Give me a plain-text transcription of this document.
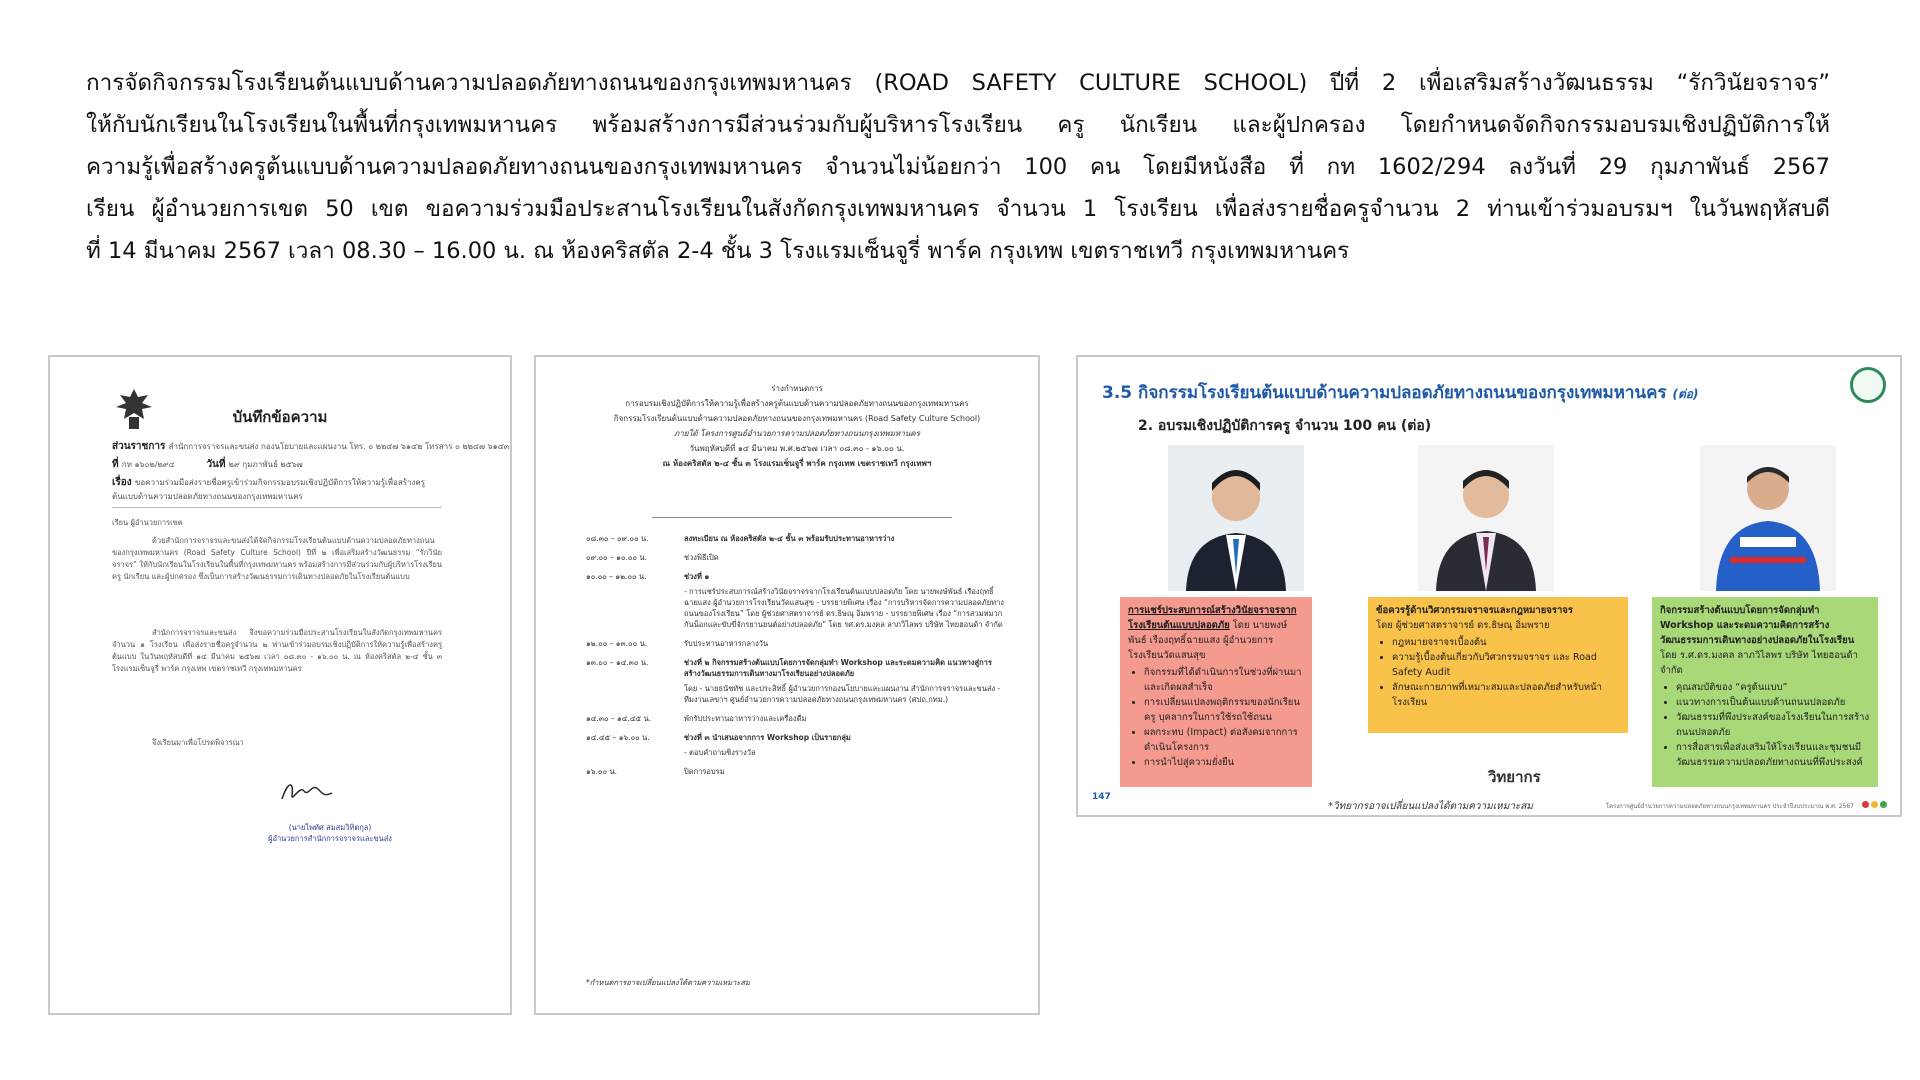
การจัดกิจกรรมโรงเรียนต้นแบบด้านความปลอดภัยทางถนนของกรุงเทพมหานคร (ROAD SAFETY CULTURE SCHOOL) ปีที่ 2 เพื่อเสริมสร้างวัฒนธรรม “รักวินัยจราจร”
ให้กับนักเรียนในโรงเรียนในพื้นที่กรุงเทพมหานคร พร้อมสร้างการมีส่วนร่วมกับผู้บริหารโรงเรียน ครู นักเรียน และผู้ปกครอง โดยกำหนดจัดกิจกรรมอบรมเชิงปฏิบัติการให้
ความรู้เพื่อสร้างครูต้นแบบด้านความปลอดภัยทางถนนของกรุงเทพมหานคร จำนวนไม่น้อยกว่า 100 คน โดยมีหนังสือ ที่ กท 1602/294 ลงวันที่ 29 กุมภาพันธ์ 2567
เรียน ผู้อำนวยการเขต 50 เขต ขอความร่วมมือประสานโรงเรียนในสังกัดกรุงเทพมหานคร จำนวน 1 โรงเรียน เพื่อส่งรายชื่อครูจำนวน 2 ท่านเข้าร่วมอบรมฯ ในวันพฤหัสบดี
ที่ 14 มีนาคม 2567 เวลา 08.30 – 16.00 น. ณ ห้องคริสตัล 2-4 ชั้น 3 โรงแรมเซ็นจูรี่ พาร์ค กรุงเทพ เขตราชเทวี กรุงเทพมหานคร
บันทึกข้อความ
ส่วนราชการ สำนักการจราจรและขนส่ง กองนโยบายและแผนงาน โทร. ๐ ๒๒๔๗ ๖๑๔๒ โทรสาร ๐ ๒๒๔๗ ๖๑๔๓
ที่ กท ๑๖๐๒/๒๙๔	วันที่ ๒๙ กุมภาพันธ์ ๒๕๖๗
เรื่อง ขอความร่วมมือส่งรายชื่อครูเข้าร่วมกิจกรรมอบรมเชิงปฏิบัติการให้ความรู้เพื่อสร้างครูต้นแบบด้านความปลอดภัยทางถนนของกรุงเทพมหานคร
เรียน ผู้อำนวยการเขต
ด้วยสำนักการจราจรและขนส่งได้จัดกิจกรรมโรงเรียนต้นแบบด้านความปลอดภัยทางถนนของกรุงเทพมหานคร (Road Safety Culture School) ปีที่ ๒ เพื่อเสริมสร้างวัฒนธรรม “รักวินัยจราจร” ให้กับนักเรียนในโรงเรียนในพื้นที่กรุงเทพมหานคร พร้อมสร้างการมีส่วนร่วมกับผู้บริหารโรงเรียน ครู นักเรียน และผู้ปกครอง ซึ่งเป็นการสร้างวัฒนธรรมการเดินทางปลอดภัยในโรงเรียนต้นแบบ
สำนักการจราจรและขนส่ง จึงขอความร่วมมือประสานโรงเรียนในสังกัดกรุงเทพมหานคร จำนวน ๑ โรงเรียน เพื่อส่งรายชื่อครูจำนวน ๒ ท่านเข้าร่วมอบรมเชิงปฏิบัติการให้ความรู้เพื่อสร้างครูต้นแบบ ในวันพฤหัสบดีที่ ๑๔ มีนาคม ๒๕๖๗ เวลา ๐๘.๓๐ - ๑๖.๐๐ น. ณ ห้องคริสตัล ๒-๔ ชั้น ๓ โรงแรมเซ็นจูรี่ พาร์ค กรุงเทพ เขตราชเทวี กรุงเทพมหานคร
จึงเรียนมาเพื่อโปรดพิจารณา
(นายไพทัศ สมสมวิทิตกุล)
ผู้อำนวยการสำนักการจราจรและขนส่ง
ร่างกำหนดการ
การอบรมเชิงปฏิบัติการให้ความรู้เพื่อสร้างครูต้นแบบด้านความปลอดภัยทางถนนของกรุงเทพมหานคร
กิจกรรมโรงเรียนต้นแบบด้านความปลอดภัยทางถนนของกรุงเทพมหานคร (Road Safety Culture School)
ภายใต้ โครงการศูนย์อำนวยการความปลอดภัยทางถนนกรุงเทพมหานคร
วันพฤหัสบดีที่ ๑๔ มีนาคม พ.ศ.๒๕๖๗ เวลา ๐๘.๓๐ - ๑๖.๐๐ น.
ณ ห้องคริสตัล ๒-๔ ชั้น ๓ โรงแรมเซ็นจูรี่ พาร์ค กรุงเทพ เขตราชเทวี กรุงเทพฯ
๐๘.๓๐ – ๐๙.๐๐ น.	ลงทะเบียน ณ ห้องคริสตัล ๒-๔ ชั้น ๓ พร้อมรับประทานอาหารว่าง
๐๙.๐๐ – ๑๐.๐๐ น.	ช่วงพิธีเปิด
๑๐.๐๐ – ๑๒.๐๐ น.	ช่วงที่ ๑
- การแชร์ประสบการณ์สร้างวินัยจราจรจากโรงเรียนต้นแบบปลอดภัย โดย นายพงษ์พันธ์ เรืองฤทธิ์ฉายแสง ผู้อำนวยการโรงเรียนวัดแสนสุข - บรรยายพิเศษ เรื่อง “การบริหารจัดการความปลอดภัยทางถนนของโรงเรียน” โดย ผู้ช่วยศาสตราจารย์ ดร.ธิษณุ อิ่มพราย - บรรยายพิเศษ เรื่อง “การสวมหมวกกันน็อกและขับขี่จักรยานยนต์อย่างปลอดภัย” โดย รศ.ดร.มงคล ลาภวิไลพร บริษัท ไทยฮอนด้า จำกัด
๑๒.๐๐ – ๑๓.๐๐ น.	รับประทานอาหารกลางวัน
๑๓.๐๐ – ๑๔.๓๐ น.	ช่วงที่ ๒ กิจกรรมสร้างต้นแบบโดยการจัดกลุ่มทำ Workshop และระดมความคิด แนวทางสู่การสร้างวัฒนธรรมการเดินทางมาโรงเรียนอย่างปลอดภัย
โดย - นายธนัชทัช และประสิทธิ์ ผู้อำนวยการกองนโยบายและแผนงาน สำนักการจราจรและขนส่ง - ทีมงานเลขาฯ ศูนย์อำนวยการความปลอดภัยทางถนนกรุงเทพมหานคร (ศปถ.กทม.)
๑๔.๓๐ – ๑๔.๔๕ น.	พักรับประทานอาหารว่างและเครื่องดื่ม
๑๔.๔๕ – ๑๖.๐๐ น.	ช่วงที่ ๓ นำเสนอจากการ Workshop เป็นรายกลุ่ม
- ตอบคำถามชิงรางวัล
๑๖.๐๐ น.	ปิดการอบรม
*กำหนดการอาจเปลี่ยนแปลงได้ตามความเหมาะสม
3.5 กิจกรรมโรงเรียนต้นแบบด้านความปลอดภัยทางถนนของกรุงเทพมหานคร (ต่อ)
2. อบรมเชิงปฏิบัติการครู จำนวน 100 คน (ต่อ)
การแชร์ประสบการณ์สร้างวินัยจราจรจากโรงเรียนต้นแบบปลอดภัย โดย นายพงษ์พันธ์ เรืองฤทธิ์ฉายแสง ผู้อำนวยการโรงเรียนวัดแสนสุข
• กิจกรรมที่ได้ดำเนินการในช่วงที่ผ่านมาและเกิดผลสำเร็จ
• การเปลี่ยนแปลงพฤติกรรมของนักเรียน ครู บุคลากรในการใช้รถใช้ถนน
• ผลกระทบ (Impact) ต่อสังคมจากการดำเนินโครงการ
• การนำไปสู่ความยั่งยืน
ข้อควรรู้ด้านวิศวกรรมจราจรและกฎหมายจราจร
โดย ผู้ช่วยศาสตราจารย์ ดร.ธิษณุ อิ่มพราย
• กฎหมายจราจรเบื้องต้น
• ความรู้เบื้องต้นเกี่ยวกับวิศวกรรมจราจร และ Road Safety Audit
• ลักษณะกายภาพที่เหมาะสมและปลอดภัยสำหรับหน้าโรงเรียน
กิจกรรมสร้างต้นแบบโดยการจัดกลุ่มทำ Workshop และระดมความคิดการสร้างวัฒนธรรมการเดินทางอย่างปลอดภัยในโรงเรียน โดย ร.ศ.ดร.มงคล ลาภวิไลพร บริษัท ไทยฮอนด้า จำกัด
• คุณสมบัติของ “ครูต้นแบบ”
• แนวทางการเป็นต้นแบบด้านถนนปลอดภัย
• วัฒนธรรมที่พึงประสงค์ของโรงเรียนในการสร้างถนนปลอดภัย
• การสื่อสารเพื่อส่งเสริมให้โรงเรียนและชุมชนมีวัฒนธรรมความปลอดภัยทางถนนที่พึงประสงค์
วิทยากร
147
*วิทยากรอาจเปลี่ยนแปลงได้ตามความเหมาะสม	โครงการศูนย์อำนวยการความปลอดภัยทางถนนกรุงเทพมหานคร ประจำปีงบประมาณ พ.ศ. 2567
